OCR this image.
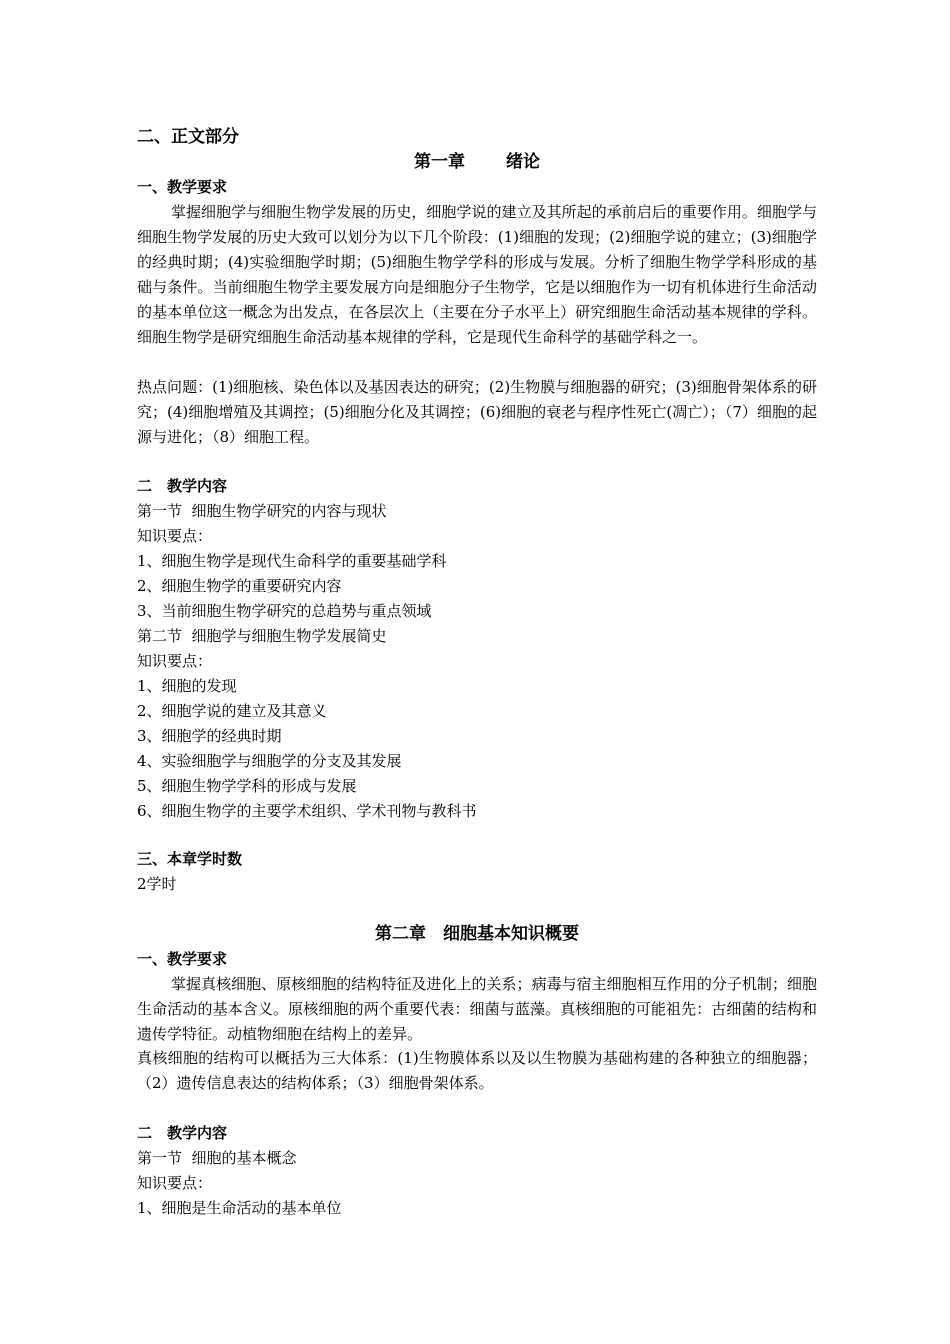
二、正文部分
第一章　 绪论
一、教学要求
掌握细胞学与细胞生物学发展的历史，细胞学说的建立及其所起的承前启后的重要作用。细胞学与细胞生物学发展的历史大致可以划分为以下几个阶段：(1)细胞的发现；(2)细胞学说的建立；(3)细胞学的经典时期；(4)实验细胞学时期；(5)细胞生物学学科的形成与发展。分析了细胞生物学学科形成的基础与条件。当前细胞生物学主要发展方向是细胞分子生物学，它是以细胞作为一切有机体进行生命活动的基本单位这一概念为出发点，在各层次上（主要在分子水平上）研究细胞生命活动基本规律的学科。细胞生物学是研究细胞生命活动基本规律的学科，它是现代生命科学的基础学科之一。
热点问题：(1)细胞核、染色体以及基因表达的研究；(2)生物膜与细胞器的研究；(3)细胞骨架体系的研究；(4)细胞增殖及其调控；(5)细胞分化及其调控；(6)细胞的衰老与程序性死亡(凋亡）；（7）细胞的起源与进化；（8）细胞工程。
二　教学内容
第一节  细胞生物学研究的内容与现状
知识要点：
1、细胞生物学是现代生命科学的重要基础学科
2、细胞生物学的重要研究内容
3、当前细胞生物学研究的总趋势与重点领域
第二节  细胞学与细胞生物学发展简史
知识要点：
1、细胞的发现
2、细胞学说的建立及其意义
3、细胞学的经典时期
4、实验细胞学与细胞学的分支及其发展
5、细胞生物学学科的形成与发展
6、细胞生物学的主要学术组织、学术刊物与教科书
三、本章学时数
2学时
第二章　细胞基本知识概要
一、教学要求
掌握真核细胞、原核细胞的结构特征及进化上的关系；病毒与宿主细胞相互作用的分子机制；细胞生命活动的基本含义。原核细胞的两个重要代表：细菌与蓝藻。真核细胞的可能祖先：古细菌的结构和遗传学特征。动植物细胞在结构上的差异。
真核细胞的结构可以概括为三大体系：(1)生物膜体系以及以生物膜为基础构建的各种独立的细胞器；（2）遗传信息表达的结构体系；（3）细胞骨架体系。
二　教学内容
第一节  细胞的基本概念
知识要点：
1、细胞是生命活动的基本单位
